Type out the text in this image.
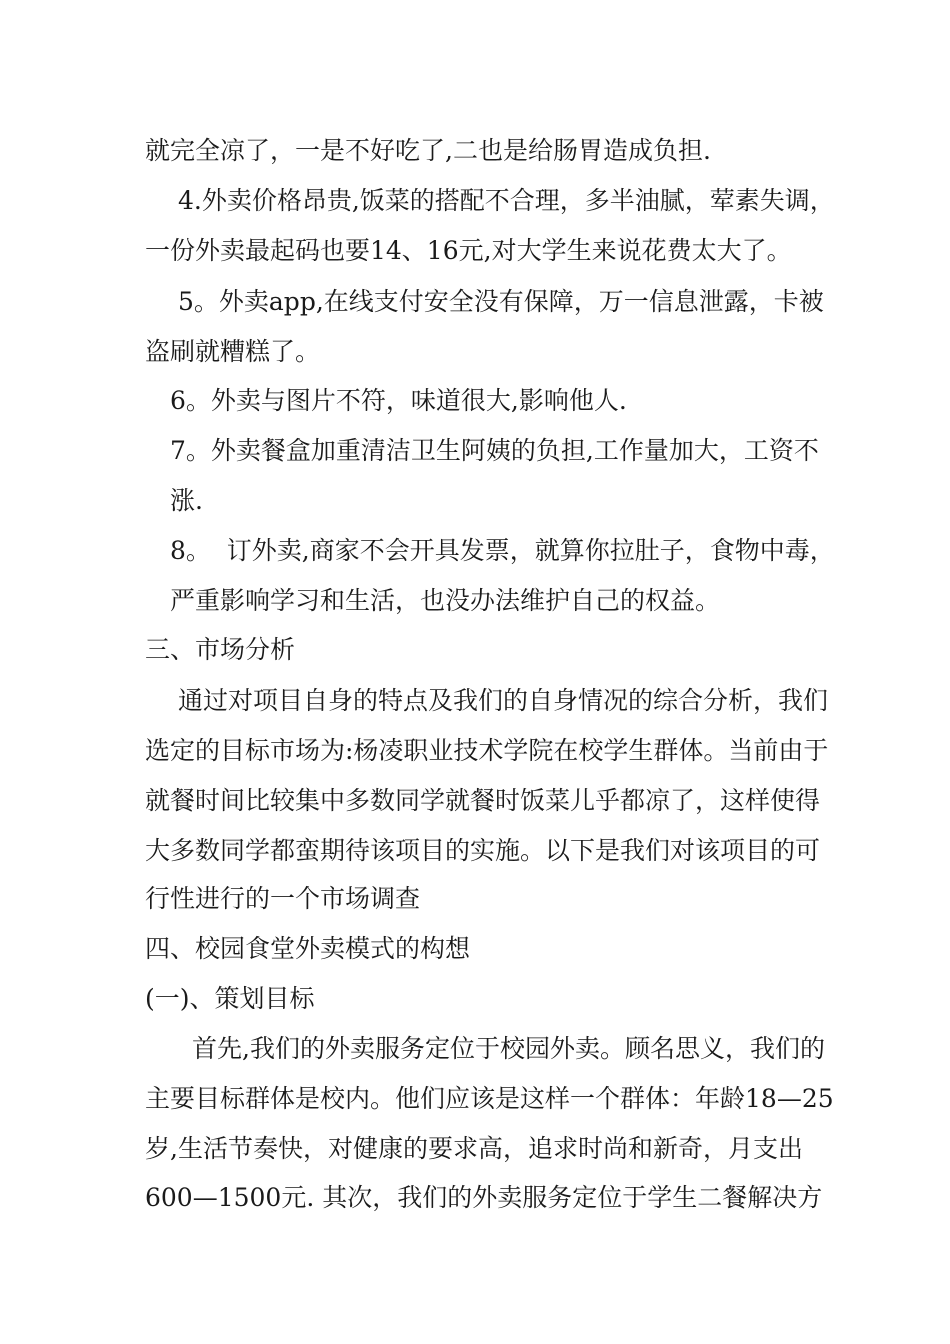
就完全凉了，一是不好吃了,二也是给肠胃造成负担.
4.外卖价格昂贵,饭菜的搭配不合理，多半油腻，荤素失调，
一份外卖最起码也要14、16元,对大学生来说花费太大了。
5。外卖app,在线支付安全没有保障，万一信息泄露，卡被
盗刷就糟糕了。
6。外卖与图片不符，味道很大,影响他人.
7。外卖餐盒加重清洁卫生阿姨的负担,工作量加大，工资不
涨.
8。  订外卖,商家不会开具发票，就算你拉肚子，食物中毒，
严重影响学习和生活，也没办法维护自己的权益。
三、市场分析
通过对项目自身的特点及我们的自身情况的综合分析，我们
选定的目标市场为:杨凌职业技术学院在校学生群体。当前由于
就餐时间比较集中多数同学就餐时饭菜儿乎都凉了，这样使得
大多数同学都蛮期待该项目的实施。以下是我们对该项目的可
行性进行的一个市场调查
四、校园食堂外卖模式的构想
(一)、策划目标
首先,我们的外卖服务定位于校园外卖。顾名思义，我们的
主要目标群体是校内。他们应该是这样一个群体：年龄18—25
岁,生活节奏快，对健康的要求高，追求时尚和新奇，月支出
600—1500元. 其次，我们的外卖服务定位于学生二餐解决方
